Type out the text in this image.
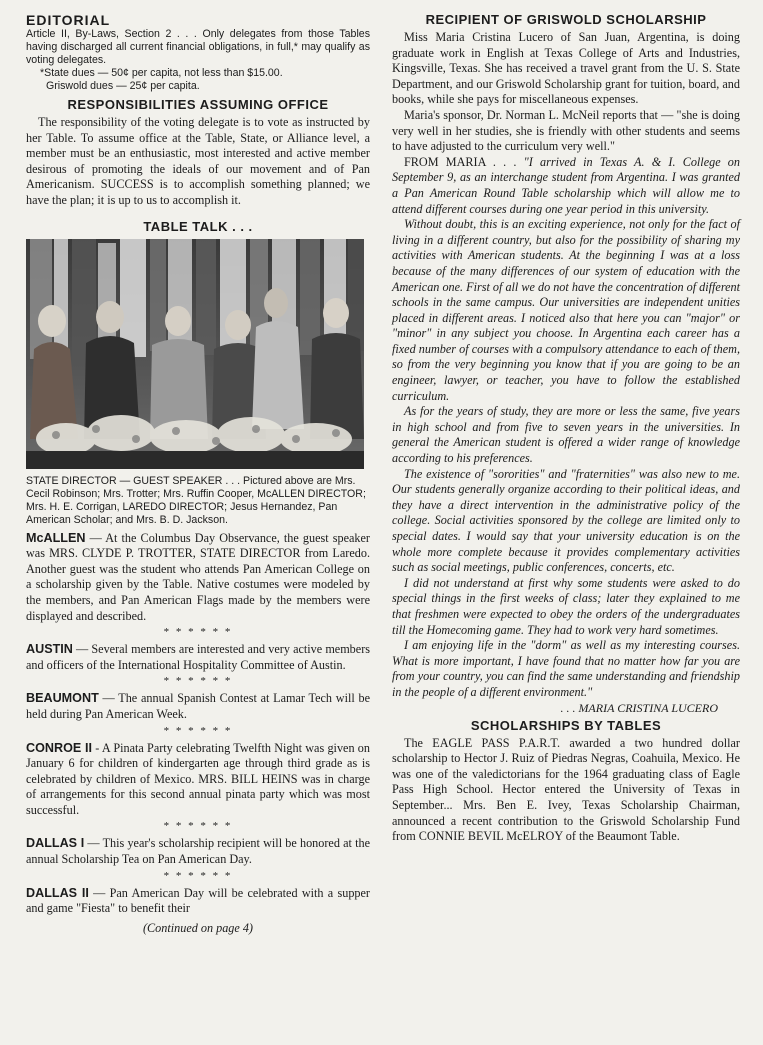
EDITORIAL

Article II, By-Laws, Section 2 . . . Only delegates from those Tables having discharged all current financial obligations, in full,* may qualify as voting delegates.

*State dues — 50¢ per capita, not less than $15.00.

Griswold dues — 25¢ per capita.

RESPONSIBILITIES ASSUMING OFFICE

The responsibility of the voting delegate is to vote as instructed by her Table. To assume office at the Table, State, or Alliance level, a member must be an enthusiastic, most interested and active member desirous of promoting the ideals of our movement and of Pan Americanism. SUCCESS is to accomplish something planned; we have the plan; it is up to us to accomplish it.

TABLE TALK . . .

STATE DIRECTOR — GUEST SPEAKER . . . Pictured above are Mrs. Cecil Robinson; Mrs. Trotter; Mrs. Ruffin Cooper, McALLEN DIRECTOR; Mrs. H. E. Corrigan, LAREDO DIRECTOR; Jesus Hernandez, Pan American Scholar; and Mrs. B. D. Jackson.

McALLEN — At the Columbus Day Observance, the guest speaker was MRS. CLYDE P. TROTTER, STATE DIRECTOR from Laredo. Another guest was the student who attends Pan American College on a scholarship given by the Table. Native costumes were modeled by the members, and Pan American Flags made by the members were displayed and described.

* * * * * *

AUSTIN — Several members are interested and very active members and officers of the International Hospitality Committee of Austin.

* * * * * *

BEAUMONT — The annual Spanish Contest at Lamar Tech will be held during Pan American Week.

* * * * * *

CONROE II - A Pinata Party celebrating Twelfth Night was given on January 6 for children of kindergarten age through third grade as is celebrated by children of Mexico. MRS. BILL HEINS was in charge of arrangements for this second annual pinata party which was most successful.

* * * * * *

DALLAS I — This year's scholarship recipient will be honored at the annual Scholarship Tea on Pan American Day.

* * * * * *

DALLAS II — Pan American Day will be celebrated with a supper and game "Fiesta" to benefit their

(Continued on page 4)
RECIPIENT OF GRISWOLD SCHOLARSHIP

Miss Maria Cristina Lucero of San Juan, Argentina, is doing graduate work in English at Texas College of Arts and Industries, Kingsville, Texas. She has received a travel grant from the U. S. State Department, and our Griswold Scholarship grant for tuition, board, and books, while she pays for miscellaneous expenses.

Maria's sponsor, Dr. Norman L. McNeil reports that — "she is doing very well in her studies, she is friendly with other students and seems to have adjusted to the curriculum very well."

FROM MARIA . . . "I arrived in Texas A. & I. College on September 9, as an interchange student from Argentina. I was granted a Pan American Round Table scholarship which will allow me to attend different courses during one year period in this university.

Without doubt, this is an exciting experience, not only for the fact of living in a different country, but also for the possibility of sharing my activities with American students. At the beginning I was at a loss because of the many differences of our system of education with the American one. First of all we do not have the concentration of different schools in the same campus. Our universities are independent unities placed in different areas. I noticed also that here you can "major" or "minor" in any subject you choose. In Argentina each career has a fixed number of courses with a compulsory attendance to each of them, so from the very beginning you know that if you are going to be an engineer, lawyer, or teacher, you have to follow the established curriculum.

As for the years of study, they are more or less the same, five years in high school and from five to seven years in the universities. In general the American student is offered a wider range of knowledge according to his preferences.

The existence of "sororities" and "fraternities" was also new to me. Our students generally organize according to their political ideas, and they have a direct intervention in the administrative policy of the college. Social activities sponsored by the college are limited only to special dates. I would say that your university education is on the whole more complete because it provides complementary activities such as social meetings, public conferences, concerts, etc.

I did not understand at first why some students were asked to do special things in the first weeks of class; later they explained to me that freshmen were expected to obey the orders of the undergraduates till the Homecoming game. They had to work very hard sometimes.

I am enjoying life in the "dorm" as well as my interesting courses. What is more important, I have found that no matter how far you are from your country, you can find the same understanding and friendship in the people of a different environment."

. . . MARIA CRISTINA LUCERO
SCHOLARSHIPS BY TABLES

The EAGLE PASS P.A.R.T. awarded a two hundred dollar scholarship to Hector J. Ruiz of Piedras Negras, Coahuila, Mexico. He was one of the valedictorians for the 1964 graduating class of Eagle Pass High School. Hector entered the University of Texas in September... Mrs. Ben E. Ivey, Texas Scholarship Chairman, announced a recent contribution to the Griswold Scholarship Fund from CONNIE BEVIL McELROY of the Beaumont Table.
